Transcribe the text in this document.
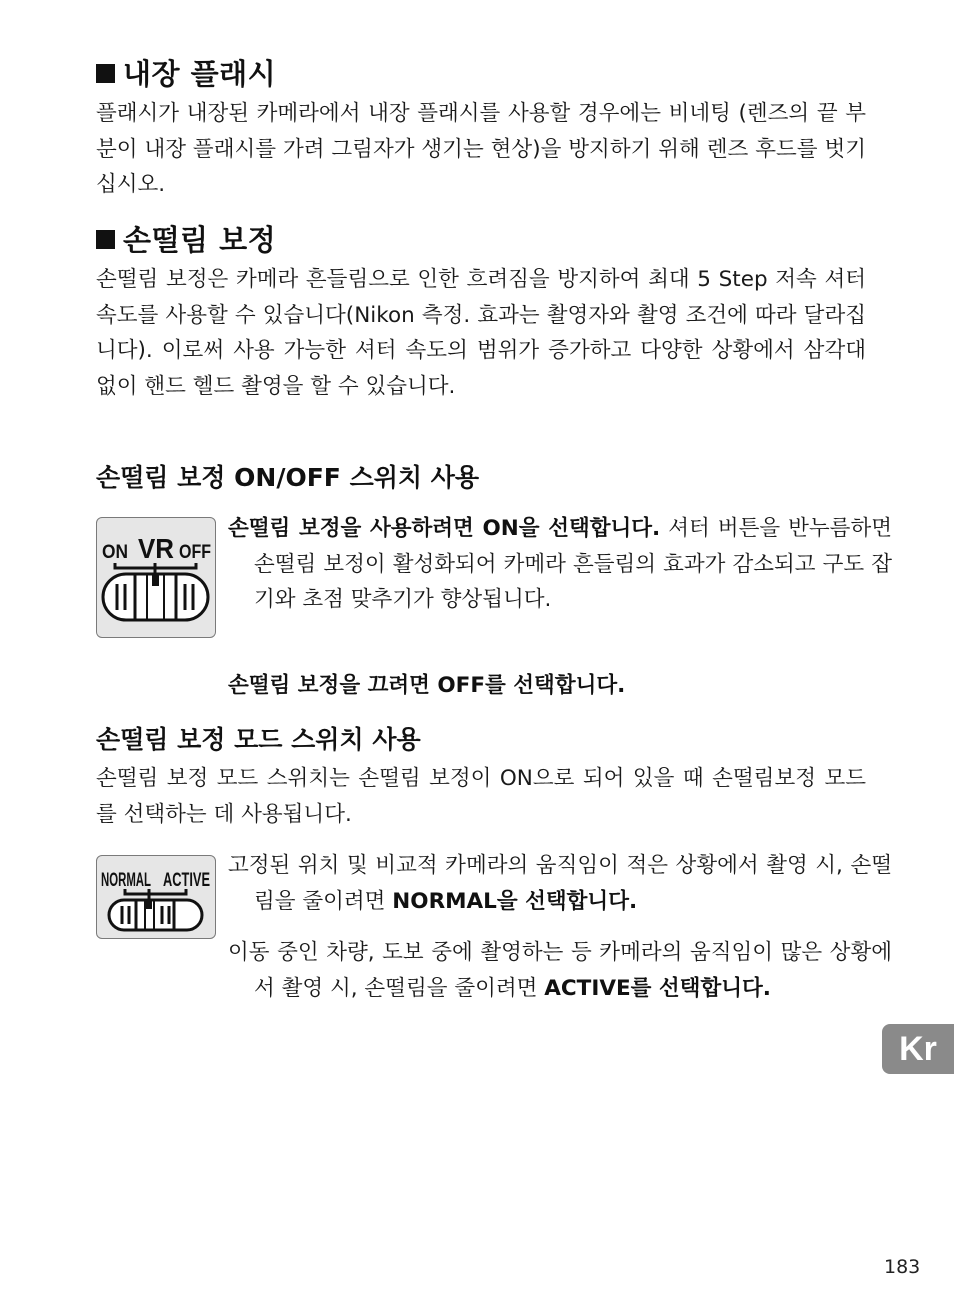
내장 플래시

플래시가 내장된 카메라에서 내장 플래시를 사용할 경우에는 비네팅 (렌즈의 끝 부분이 내장 플래시를 가려 그림자가 생기는 현상)을 방지하기 위해 렌즈 후드를 벗기십시오.

손떨림 보정

손떨림 보정은 카메라 흔들림으로 인한 흐려짐을 방지하여 최대 5 Step 저속 셔터 속도를 사용할 수 있습니다(Nikon 측정. 효과는 촬영자와 촬영 조건에 따라 달라집니다). 이로써 사용 가능한 셔터 속도의 범위가 증가하고 다양한 상황에서 삼각대 없이 핸드 헬드 촬영을 할 수 있습니다.

손떨림 보정 ON/OFF 스위치 사용
ON VR OFF

손떨림 보정을 사용하려면 ON을 선택합니다. 셔터 버튼을 반누름하면 손떨림 보정이 활성화되어 카메라 흔들림의 효과가 감소되고 구도 잡기와 초점 맞추기가 향상됩니다.

손떨림 보정을 끄려면 OFF를 선택합니다.

손떨림 보정 모드 스위치 사용

손떨림 보정 모드 스위치는 손떨림 보정이 ON으로 되어 있을 때 손떨림보정 모드를 선택하는 데 사용됩니다.

NORMAL ACTIVE

고정된 위치 및 비교적 카메라의 움직임이 적은 상황에서 촬영 시, 손떨림을 줄이려면 NORMAL을 선택합니다.

이동 중인 차량, 도보 중에 촬영하는 등 카메라의 움직임이 많은 상황에서 촬영 시, 손떨림을 줄이려면 ACTIVE를 선택합니다.

Kr
183
